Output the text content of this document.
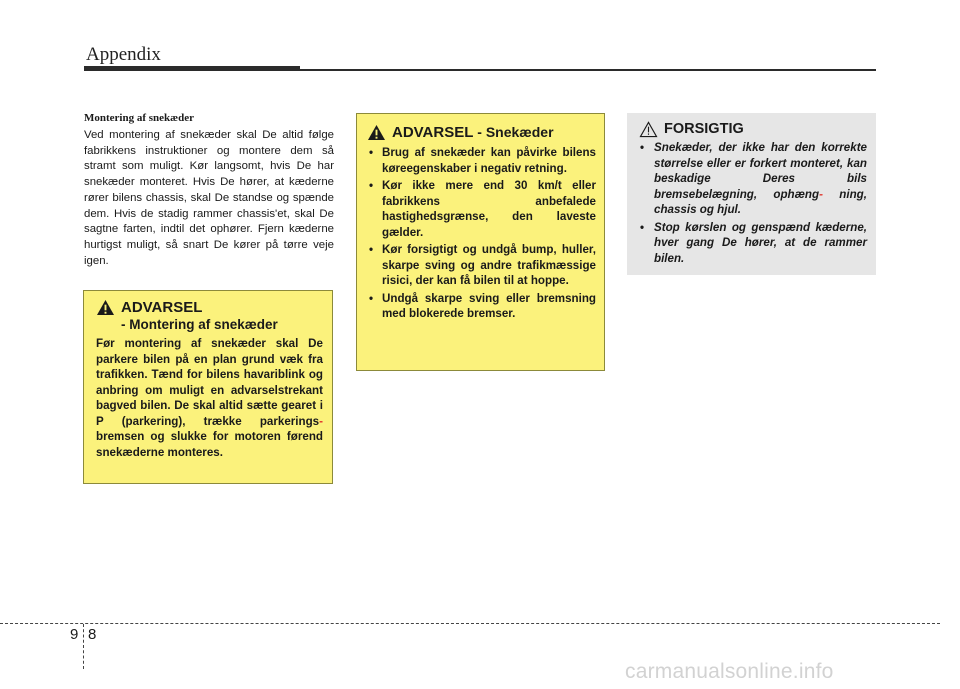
Appendix
Montering af snekæder
Ved montering af snekæder skal De altid følge fabrikkens instruktioner og montere dem så stramt som muligt. Kør langsomt, hvis De har snekæder monteret. Hvis De hører, at kæderne rører bilens chassis, skal De standse og spænde dem. Hvis de stadig rammer chassis'et, skal De sagtne farten, indtil det ophører. Fjern kæderne hurtigst muligt, så snart De kører på tørre veje igen.
ADVARSEL
- Montering af snekæder
Før montering af snekæder skal De parkere bilen på en plan grund væk fra trafikken. Tænd for bilens havariblink og anbring om muligt en advarselstrekant bagved bilen. De skal altid sætte gearet i P (parkering), trække parkerings- bremsen og slukke for motoren førend snekæderne monteres.
ADVARSEL - Snekæder
• Brug af snekæder kan påvirke bilens køreegenskaber i negativ retning.
• Kør ikke mere end 30 km/t eller fabrikkens anbefalede hastighedsgrænse, den laveste gælder.
• Kør forsigtigt og undgå bump, huller, skarpe sving og andre trafikmæssige risici, der kan få bilen til at hoppe.
• Undgå skarpe sving eller bremsning med blokerede bremser.
FORSIGTIG
• Snekæder, der ikke har den korrekte størrelse eller er forkert monteret, kan beskadige Deres bils bremsebelægning, ophæng- ning, chassis og hjul.
• Stop kørslen og genspænd kæderne, hver gang De hører, at de rammer bilen.
9 8
carmanualsonline.info
